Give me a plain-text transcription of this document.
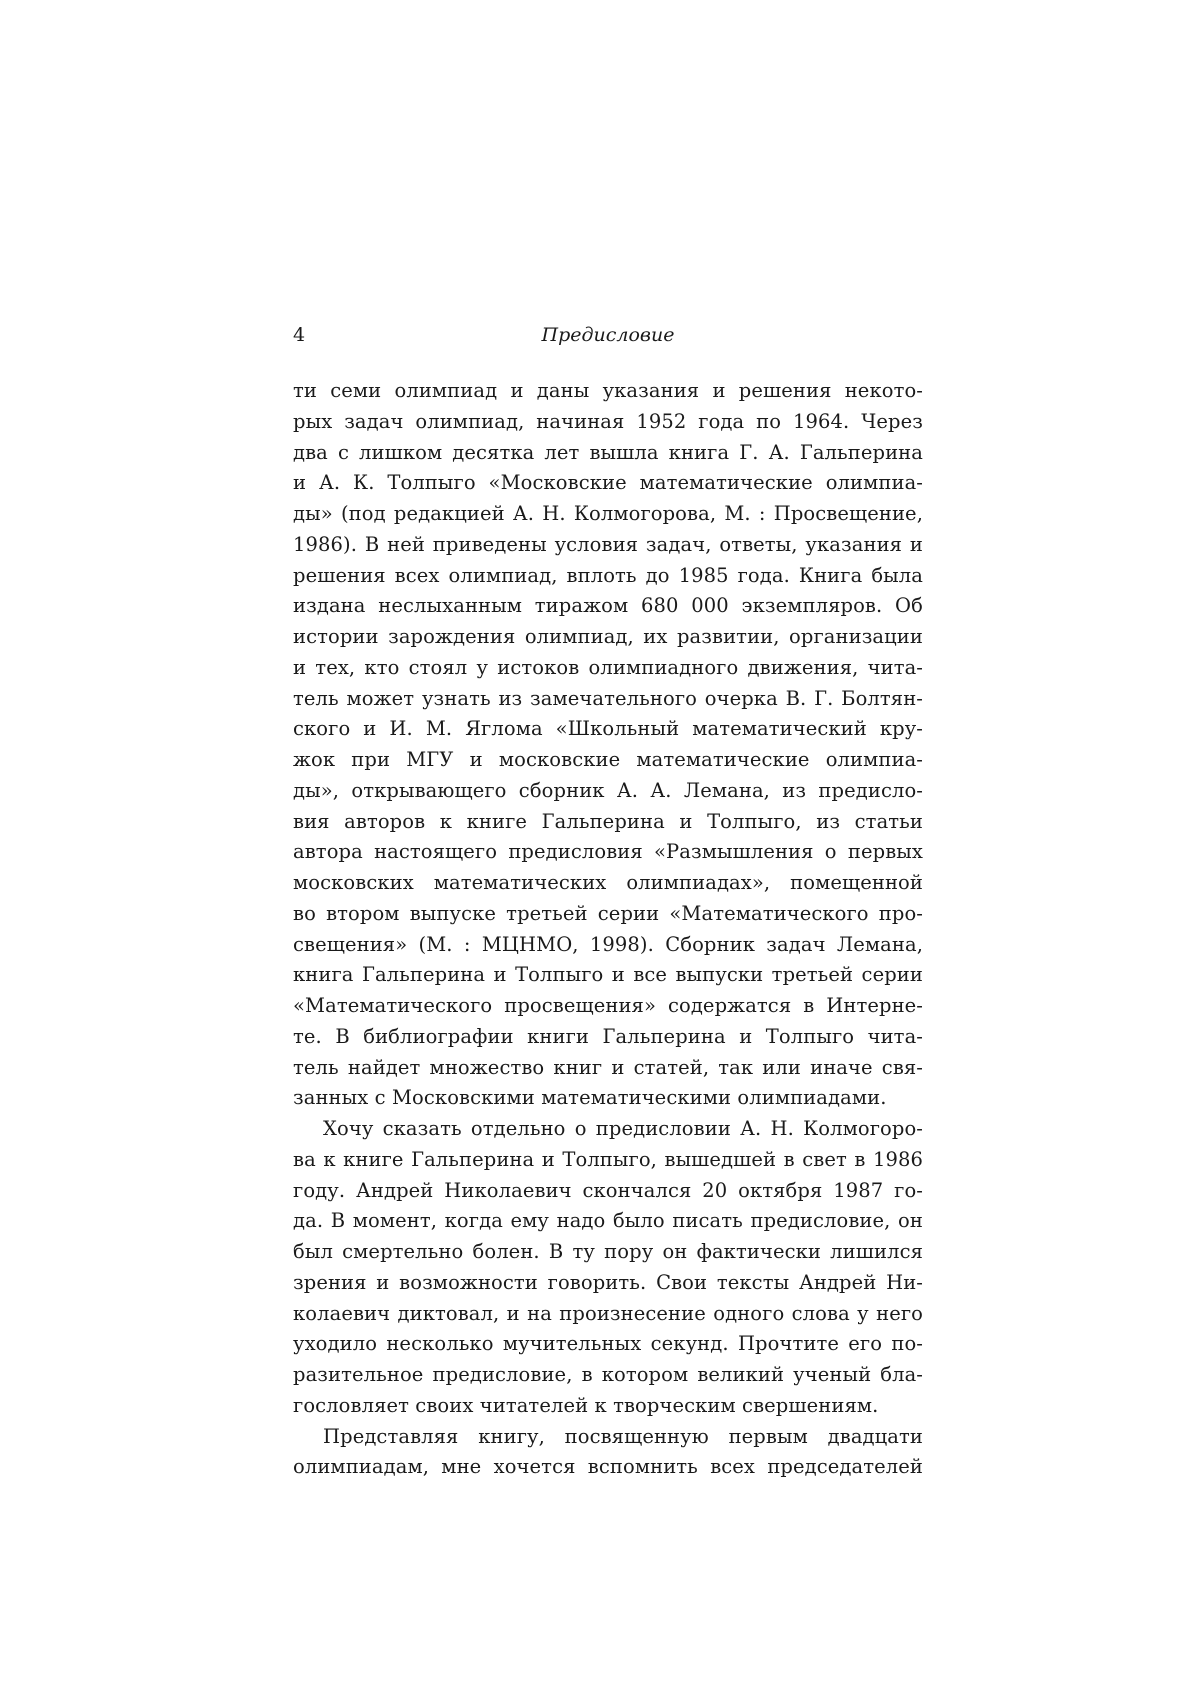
4	Предисловие
ти семи олимпиад и даны указания и решения некото-
рых задач олимпиад, начиная 1952 года по 1964. Через
два с лишком десятка лет вышла книга Г. А. Гальперина
и А. К. Толпыго «Московские математические олимпиа-
ды» (под редакцией А. Н. Колмогорова, М. : Просвещение,
1986). В ней приведены условия задач, ответы, указания и
решения всех олимпиад, вплоть до 1985 года. Книга была
издана неслыханным тиражом 680 000 экземпляров. Об
истории зарождения олимпиад, их развитии, организации
и тех, кто стоял у истоков олимпиадного движения, чита-
тель может узнать из замечательного очерка В. Г. Болтян-
ского и И. М. Яглома «Школьный математический кру-
жок при МГУ и московские математические олимпиа-
ды», открывающего сборник А. А. Лемана, из предисло-
вия авторов к книге Гальперина и Толпыго, из статьи
автора настоящего предисловия «Размышления о первых
московских математических олимпиадах», помещенной
во втором выпуске третьей серии «Математического про-
свещения» (М. : МЦНМО, 1998). Сборник задач Лемана,
книга Гальперина и Толпыго и все выпуски третьей серии
«Математического просвещения» содержатся в Интерне-
те. В библиографии книги Гальперина и Толпыго чита-
тель найдет множество книг и статей, так или иначе свя-
занных с Московскими математическими олимпиадами.
Хочу сказать отдельно о предисловии А. Н. Колмогоро-
ва к книге Гальперина и Толпыго, вышедшей в свет в 1986
году. Андрей Николаевич скончался 20 октября 1987 го-
да. В момент, когда ему надо было писать предисловие, он
был смертельно болен. В ту пору он фактически лишился
зрения и возможности говорить. Свои тексты Андрей Ни-
колаевич диктовал, и на произнесение одного слова у него
уходило несколько мучительных секунд. Прочтите его по-
разительное предисловие, в котором великий ученый бла-
гословляет своих читателей к творческим свершениям.
Представляя книгу, посвященную первым двадцати
олимпиадам, мне хочется вспомнить всех председателей
